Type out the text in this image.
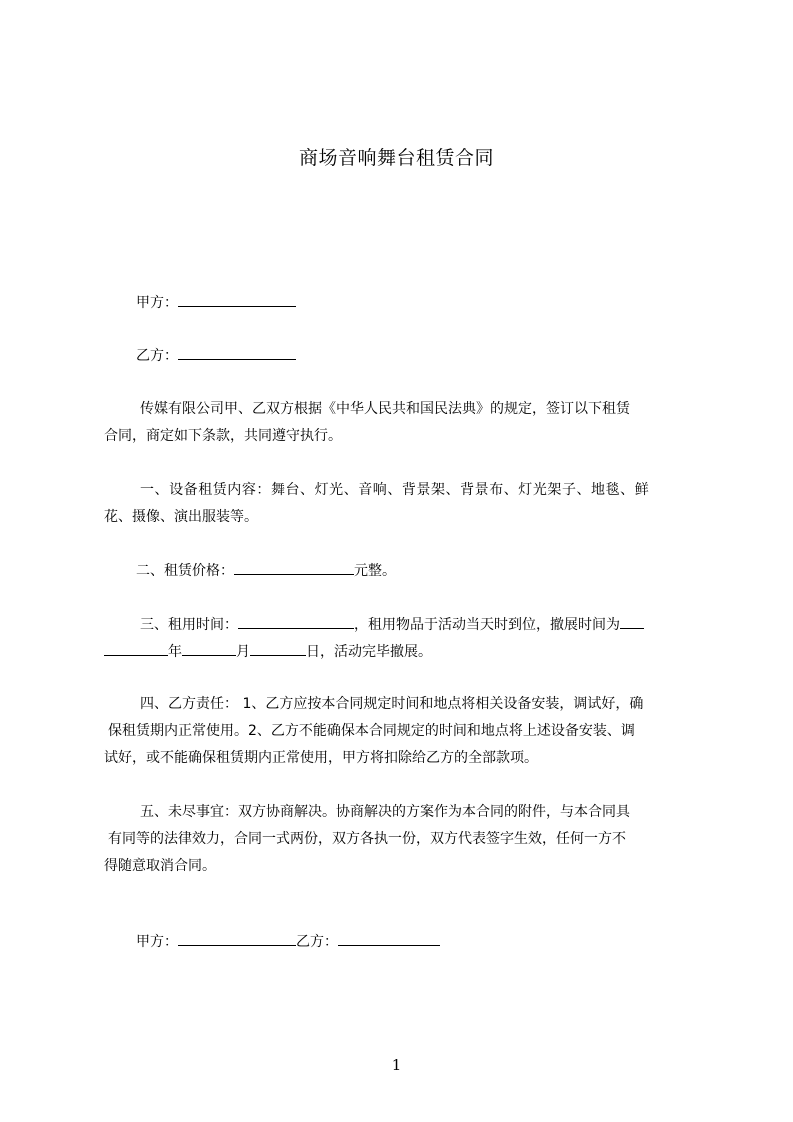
商场音响舞台租赁合同
甲方：
乙方：
传媒有限公司甲、乙双方根据《中华人民共和国民法典》的规定，签订以下租赁
合同，商定如下条款，共同遵守执行。
一、设备租赁内容：舞台、灯光、音响、背景架、背景布、灯光架子、地毯、鲜
花、摄像、演出服装等。
二、租赁价格：	元整。
三、租用时间：	，租用物品于活动当天时到位，撤展时间为
年	月	日，活动完毕撤展。
四、乙方责任： 1、乙方应按本合同规定时间和地点将相关设备安装，调试好，确
保租赁期内正常使用。2、乙方不能确保本合同规定的时间和地点将上述设备安装、调
试好，或不能确保租赁期内正常使用，甲方将扣除给乙方的全部款项。
五、未尽事宜：双方协商解决。协商解决的方案作为本合同的附件，与本合同具
有同等的法律效力，合同一式两份，双方各执一份，双方代表签字生效，任何一方不
得随意取消合同。
甲方：	乙方：
1
